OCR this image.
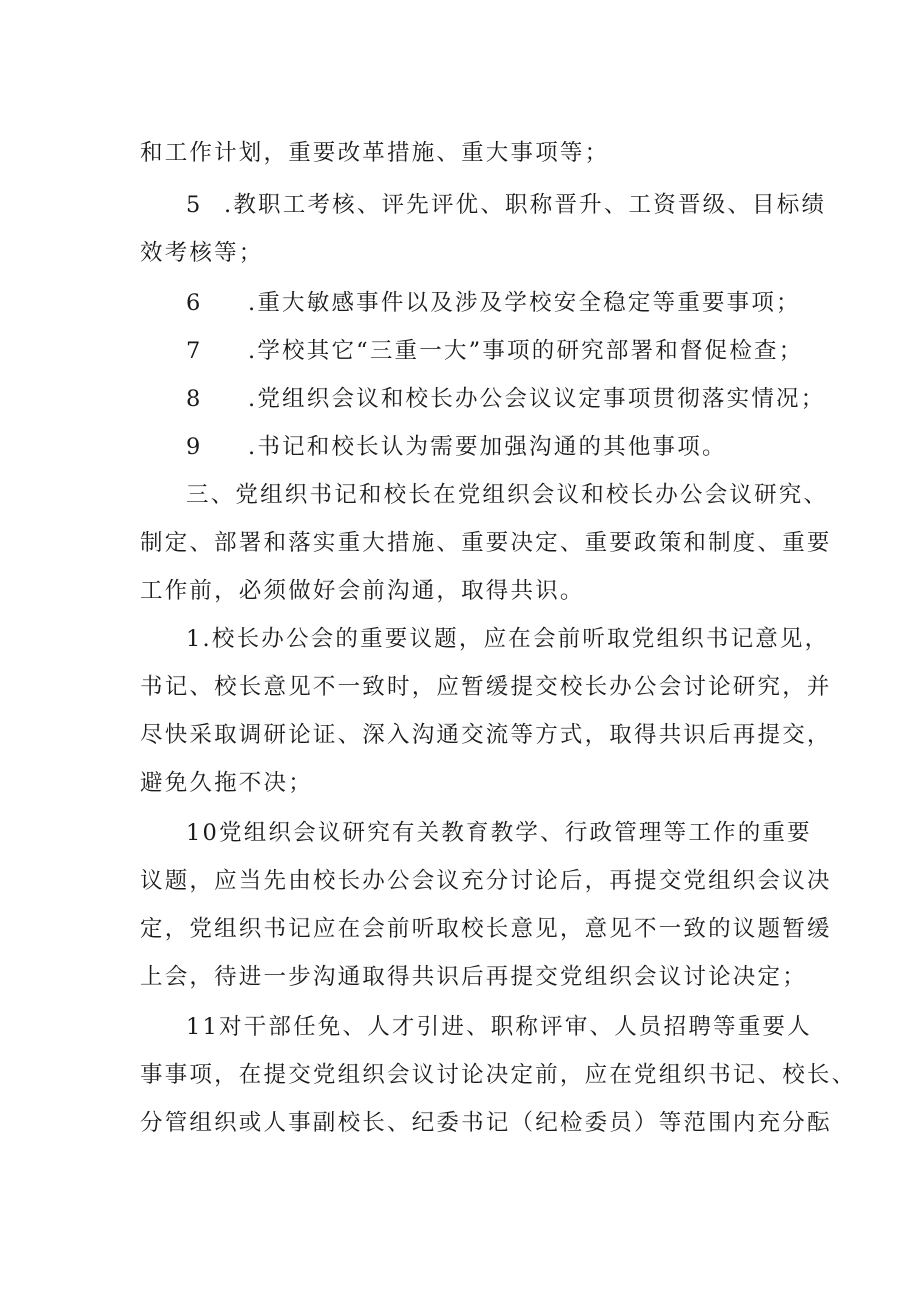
和工作计划，重要改革措施、重大事项等；
5 .教职工考核、评先评优、职称晋升、工资晋级、目标绩
效考核等；
6 .重大敏感事件以及涉及学校安全稳定等重要事项；
7 .学校其它“三重一大”事项的研究部署和督促检查；
8 .党组织会议和校长办公会议议定事项贯彻落实情况；
9 .书记和校长认为需要加强沟通的其他事项。
三、党组织书记和校长在党组织会议和校长办公会议研究、
制定、部署和落实重大措施、重要决定、重要政策和制度、重要
工作前，必须做好会前沟通，取得共识。
1.校长办公会的重要议题，应在会前听取党组织书记意见，
书记、校长意见不一致时，应暂缓提交校长办公会讨论研究，并
尽快采取调研论证、深入沟通交流等方式，取得共识后再提交，
避免久拖不决；
10党组织会议研究有关教育教学、行政管理等工作的重要
议题，应当先由校长办公会议充分讨论后，再提交党组织会议决
定，党组织书记应在会前听取校长意见，意见不一致的议题暂缓
上会，待进一步沟通取得共识后再提交党组织会议讨论决定；
11对干部任免、人才引进、职称评审、人员招聘等重要人
事事项，在提交党组织会议讨论决定前，应在党组织书记、校长、
分管组织或人事副校长、纪委书记（纪检委员）等范围内充分酝
